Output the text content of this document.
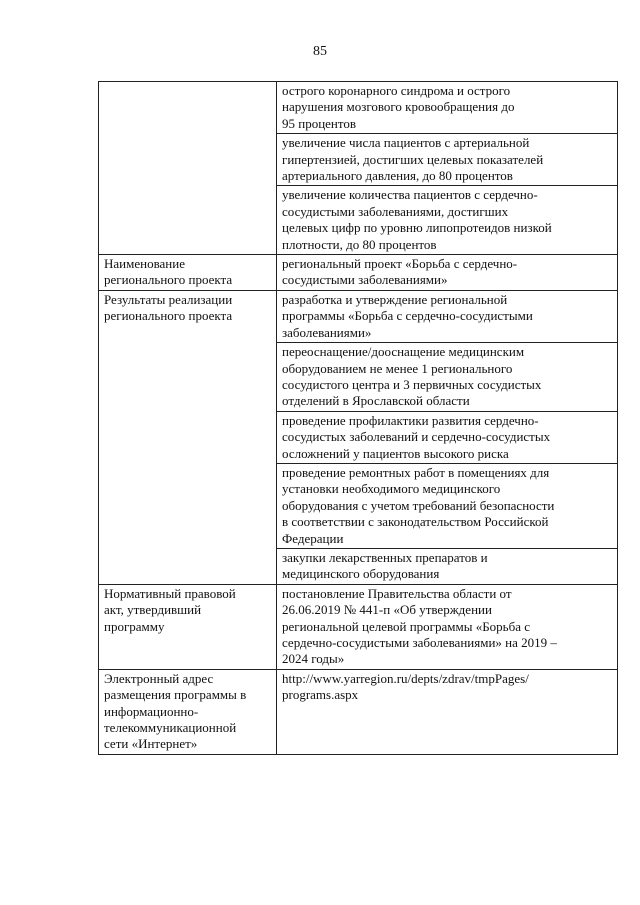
85

	острого коронарного синдрома и острого
нарушения мозгового кровообращения до
95 процентов

	увеличение числа пациентов с артериальной
гипертензией, достигших целевых показателей
артериального давления, до 80 процентов

	увеличение количества пациентов с сердечно-
сосудистыми заболеваниями, достигших
целевых цифр по уровню липопротеидов низкой
плотности, до 80 процентов

Наименование
регионального проекта	региональный проект «Борьба с сердечно-
сосудистыми заболеваниями»

Результаты реализации
регионального проекта	разработка и утверждение региональной
программы «Борьба с сердечно-сосудистыми
заболеваниями»

	переоснащение/дооснащение медицинским
оборудованием не менее 1 регионального
сосудистого центра и 3 первичных сосудистых
отделений в Ярославской области

	проведение профилактики развития сердечно-
сосудистых заболеваний и сердечно-сосудистых
осложнений у пациентов высокого риска

	проведение ремонтных работ в помещениях для
установки необходимого медицинского
оборудования с учетом требований безопасности
в соответствии с законодательством Российской
Федерации

	закупки лекарственных препаратов и
медицинского оборудования

Нормативный правовой
акт, утвердивший
программу	постановление Правительства области от
26.06.2019 № 441-п «Об утверждении
региональной целевой программы «Борьба с
сердечно-сосудистыми заболеваниями» на 2019 –
2024 годы»

Электронный адрес
размещения программы в
информационно-
телекоммуникационной
сети «Интернет»	http://www.yarregion.ru/depts/zdrav/tmpPages/
programs.aspx
